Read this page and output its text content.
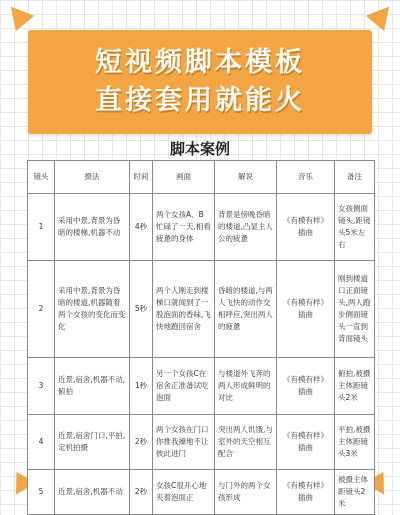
短视频脚本模板
直接套用就能火
脚本案例
镜头	摄法	时间	画面	解说	音乐	备注
1	采用中景,背景为昏暗的楼梯,机器不动	4秒	两个女孩A、B忙碌了一天,相看疲惫的身体	背景是傍晚昏暗的楼道,凸显主人公的疲惫	《有模有样》插曲	女孩侧面镜头,距镜头5米左右
2	采用中景,背景为昏暗的楼道,机器随着两个女孩的变化而变化	5秒	两个人刚走到楼梯口就闻到了一股泡面的香味,飞快地跑回宿舍	昏暗的楼道,与两人飞快的动作交相呼应,突出两人的疲惫	《有模有样》插曲	刚到楼道口正面镜头,两人跑步侧面镜头一直到背面镜头
3	近景,宿舍,机器不动,俯拍	1秒	另一个女孩C在宿舍正准备试吃泡面	与楼道外飞奔的两人形成鲜明的对比	《有模有样》插曲	俯拍,被摄主体距镜头2米
4	近景,宿舍门口,平拍,定机拍摄	2秒	两个女孩在门口你推我搡地不让彼此进门	突出两人饥饿,与室外的天空相互配合	《有模有样》插曲	平拍,被摄主体距镜头3米
5	近景,宿舍,机器不动	2秒	女孩C很开心地夹着泡面正	与门外的两个女孩形成	《有模有样》插曲	被摄主体距镜头2米
